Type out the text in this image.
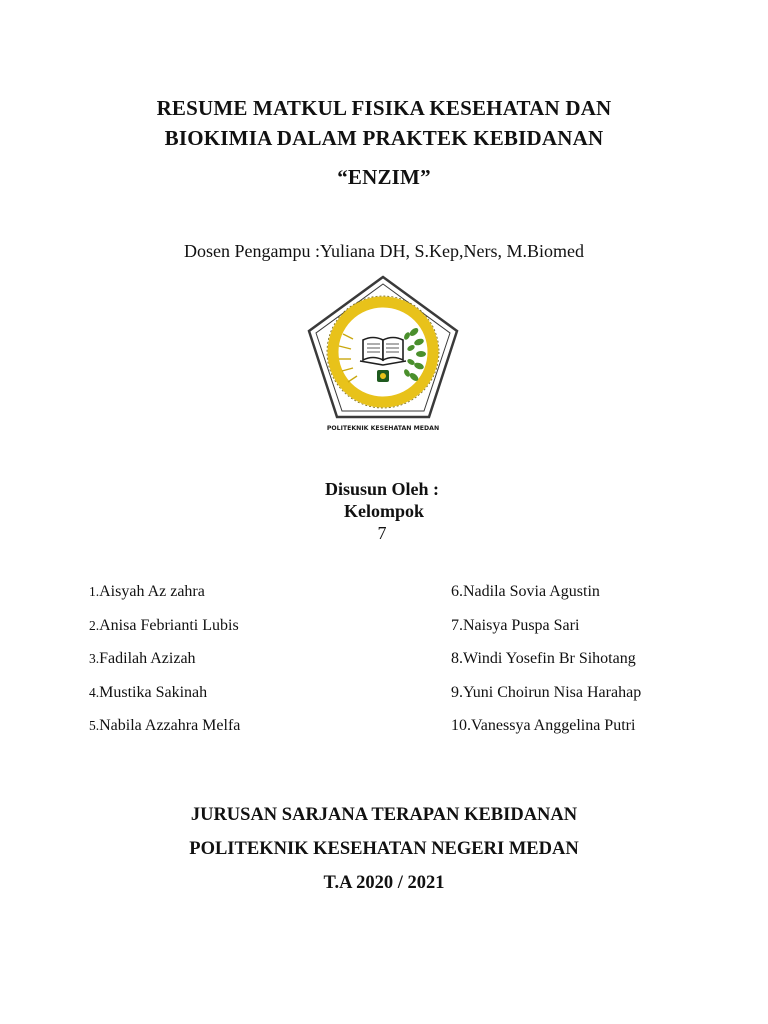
RESUME MATKUL FISIKA KESEHATAN DAN
BIOKIMIA DALAM PRAKTEK KEBIDANAN
“ENZIM”
Dosen Pengampu :Yuliana DH, S.Kep,Ners, M.Biomed
POLITEKNIK KESEHATAN MEDAN
Disusun Oleh :
Kelompok
7
1.Aisyah Az zahra
2.Anisa Febrianti Lubis
3.Fadilah Azizah
4.Mustika Sakinah
5.Nabila Azzahra Melfa
6.Nadila Sovia Agustin
7.Naisya Puspa Sari
8.Windi Yosefin Br Sihotang
9.Yuni Choirun Nisa Harahap
10.Vanessya Anggelina Putri
JURUSAN SARJANA TERAPAN KEBIDANAN
POLITEKNIK KESEHATAN NEGERI MEDAN
T.A 2020 / 2021
